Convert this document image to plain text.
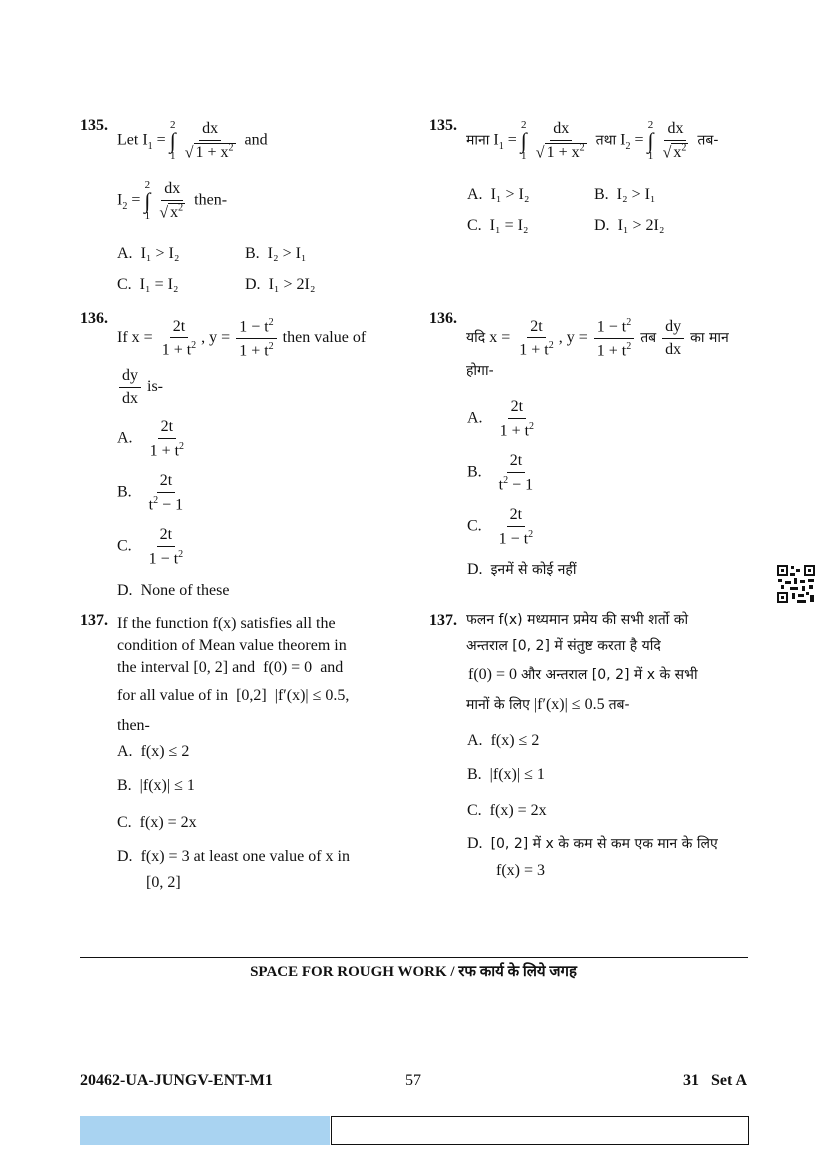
135.
Let $I_1$ =
2
∫
1
$\frac{dx}{√ 1 + x^2}$ and
$I_2$ =
2
∫
1
$\frac{dx}{√ x^2}$ then-
A. I₁ > I₂	B. I₂ > I₁
C. I₁ = I₂	D. I₁ > 2I₂
135.
माना $I_1$ =
2
∫
1
$\frac{dx}{√ 1 + x^2}$ तथा $I_2$ =
2
∫
1
$\frac{dx}{√ x^2}$ तब-
A. I₁ > I₂	B. I₂ > I₁
C. I₁ = I₂	D. I₁ > 2I₂
136.
If $x = \frac{2t}{1 + t^2}$ , $y = \frac{1 - t^2}{1 + t^2}$ then value of
$\frac{dy}{dx} is-$
A. $\frac{2t}{1 + t^2}$
B. $\frac{2t}{t^2 - 1}$
C. $\frac{2t}{1 - t^2}$
D. None of these
136.
यदि $x = \frac{2t}{1 + t^2}$ , $y = \frac{1 - t^2}{1 + t^2}$ तब $\frac{dy}{dx}$ का मान
होगा-
A. $\frac{2t}{1 + t^2}$
B. $\frac{2t}{t^2 - 1}$
C. $\frac{2t}{1 - t^2}$
D. इनमें से कोई नहीं
137. If the function f(x) satisfies all the
condition of Mean value theorem in
the interval [0, 2] and  f(0) = 0  and
for all value of in  [0,2]  |f′(x)| ≤ 0.5,
then-
A. f(x) ≤ 2
B. |f(x)| ≤ 1
C. f(x) = 2x
D. f(x) = 3 at least one value of x in
[0, 2]
137. फलन f(x) मध्यमान प्रमेय की सभी शर्तो को
अन्तराल [0, 2] में संतुष्ट करता है यदि
f(0) = 0 और अन्तराल [0, 2] में x के सभी
मानों के लिए |f′(x)| ≤ 0.5 तब-
A. f(x) ≤ 2
B. |f(x)| ≤ 1
C. f(x) = 2x
D. [0, 2] में x के कम से कम एक मान के लिए
f(x) = 3
SPACE FOR ROUGH WORK / रफ कार्य के लिये जगह
20462-UA-JUNGV-ENT-M1	57	31   Set A
